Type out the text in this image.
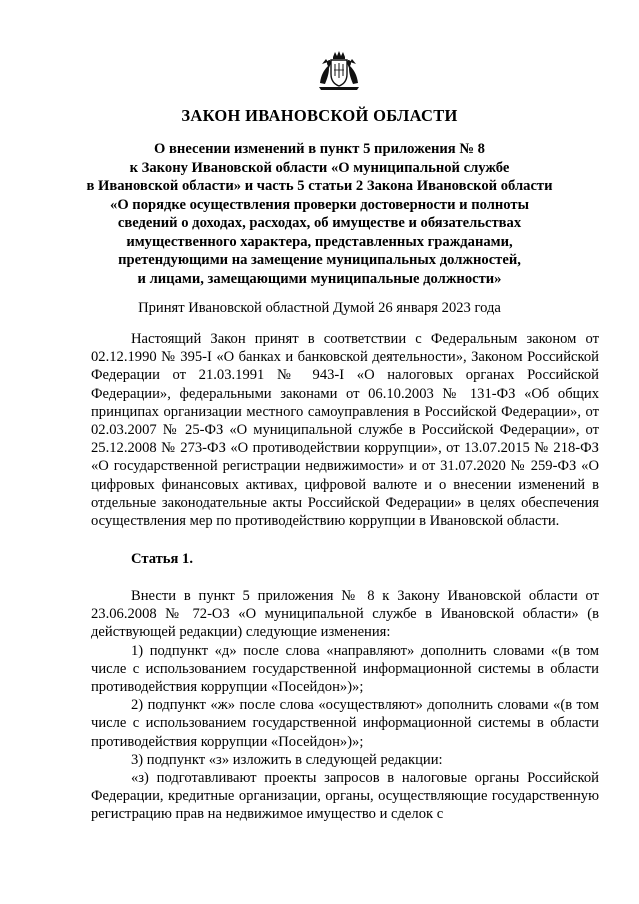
ЗАКОН ИВАНОВСКОЙ ОБЛАСТИ
О внесении изменений в пункт 5 приложения № 8
к Закону Ивановской области «О муниципальной службе
в Ивановской области» и часть 5 статьи 2 Закона Ивановской области
«О порядке осуществления проверки достоверности и полноты
сведений о доходах, расходах, об имуществе и обязательствах
имущественного характера, представленных гражданами,
претендующими на замещение муниципальных должностей,
и лицами, замещающими муниципальные должности»
Принят Ивановской областной Думой 26 января 2023 года

Настоящий Закон принят в соответствии с Федеральным законом от 02.12.1990 № 395-I «О банках и банковской деятельности», Законом Российской Федерации от 21.03.1991 № 943-I «О налоговых органах Российской Федерации», федеральными законами от 06.10.2003 № 131-ФЗ «Об общих принципах организации местного самоуправления в Российской Федерации», от 02.03.2007 № 25-ФЗ «О муниципальной службе в Российской Федерации», от 25.12.2008 № 273-ФЗ «О противодействии коррупции», от 13.07.2015 № 218-ФЗ «О государственной регистрации недвижимости» и от 31.07.2020 № 259-ФЗ «О цифровых финансовых активах, цифровой валюте и о внесении изменений в отдельные законодательные акты Российской Федерации» в целях обеспечения осуществления мер по противодействию коррупции в Ивановской области.

Статья 1.

Внести в пункт 5 приложения № 8 к Закону Ивановской области от 23.06.2008 № 72-ОЗ «О муниципальной службе в Ивановской области» (в действующей редакции) следующие изменения:

1) подпункт «д» после слова «направляют» дополнить словами «(в том числе с использованием государственной информационной системы в области противодействия коррупции «Посейдон»)»;

2) подпункт «ж» после слова «осуществляют» дополнить словами «(в том числе с использованием государственной информационной системы в области противодействия коррупции «Посейдон»)»;

3) подпункт «з» изложить в следующей редакции:

«з) подготавливают проекты запросов в налоговые органы Российской Федерации, кредитные организации, органы, осуществляющие государственную регистрацию прав на недвижимое имущество и сделок с
